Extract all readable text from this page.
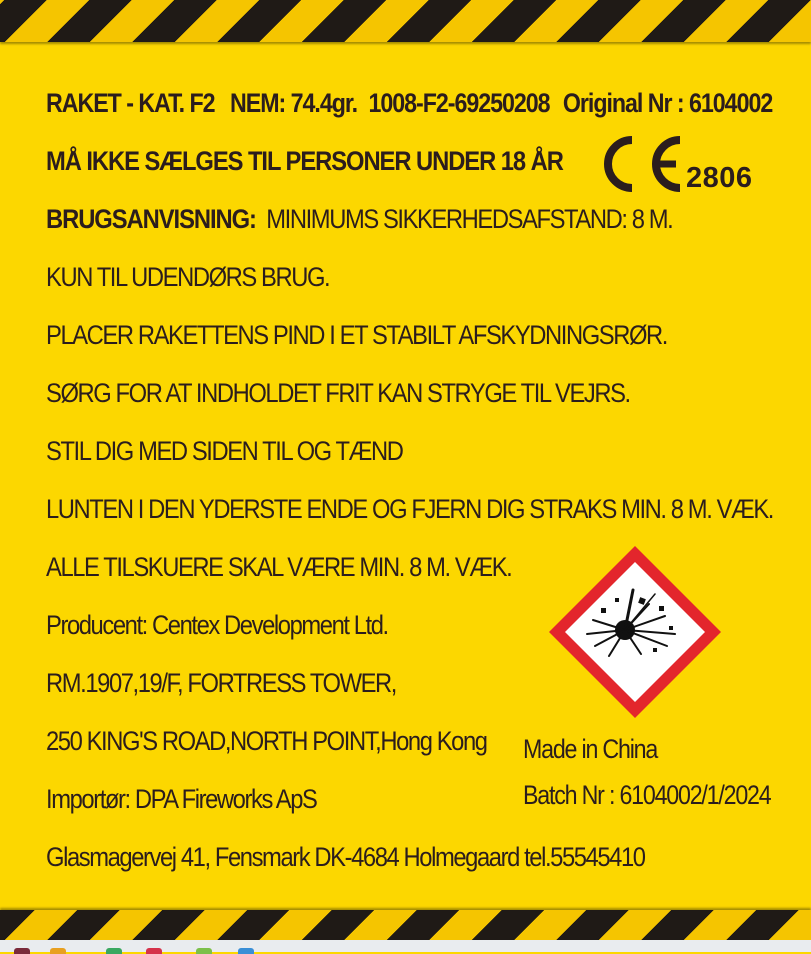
RAKET - KAT. F2 NEM: 74.4gr. 1008-F2-69250208 Original Nr : 6104002
MÅ IKKE SÆLGES TIL PERSONER UNDER 18 ÅR
2806
BRUGSANVISNING: MINIMUMS SIKKERHEDSAFSTAND: 8 M.
KUN TIL UDENDØRS BRUG.
PLACER RAKETTENS PIND I ET STABILT AFSKYDNINGSRØR.
SØRG FOR AT INDHOLDET FRIT KAN STRYGE TIL VEJRS.
STIL DIG MED SIDEN TIL OG TÆND
LUNTEN I DEN YDERSTE ENDE OG FJERN DIG STRAKS MIN. 8 M. VÆK.
ALLE TILSKUERE SKAL VÆRE MIN. 8 M. VÆK.
Producent: Centex Development Ltd.
RM.1907,19/F, FORTRESS TOWER,
250 KING'S ROAD,NORTH POINT,Hong Kong
Importør: DPA Fireworks ApS
Glasmagervej 41, Fensmark DK-4684 Holmegaard tel.55545410
Made in China
Batch Nr : 6104002/1/2024
